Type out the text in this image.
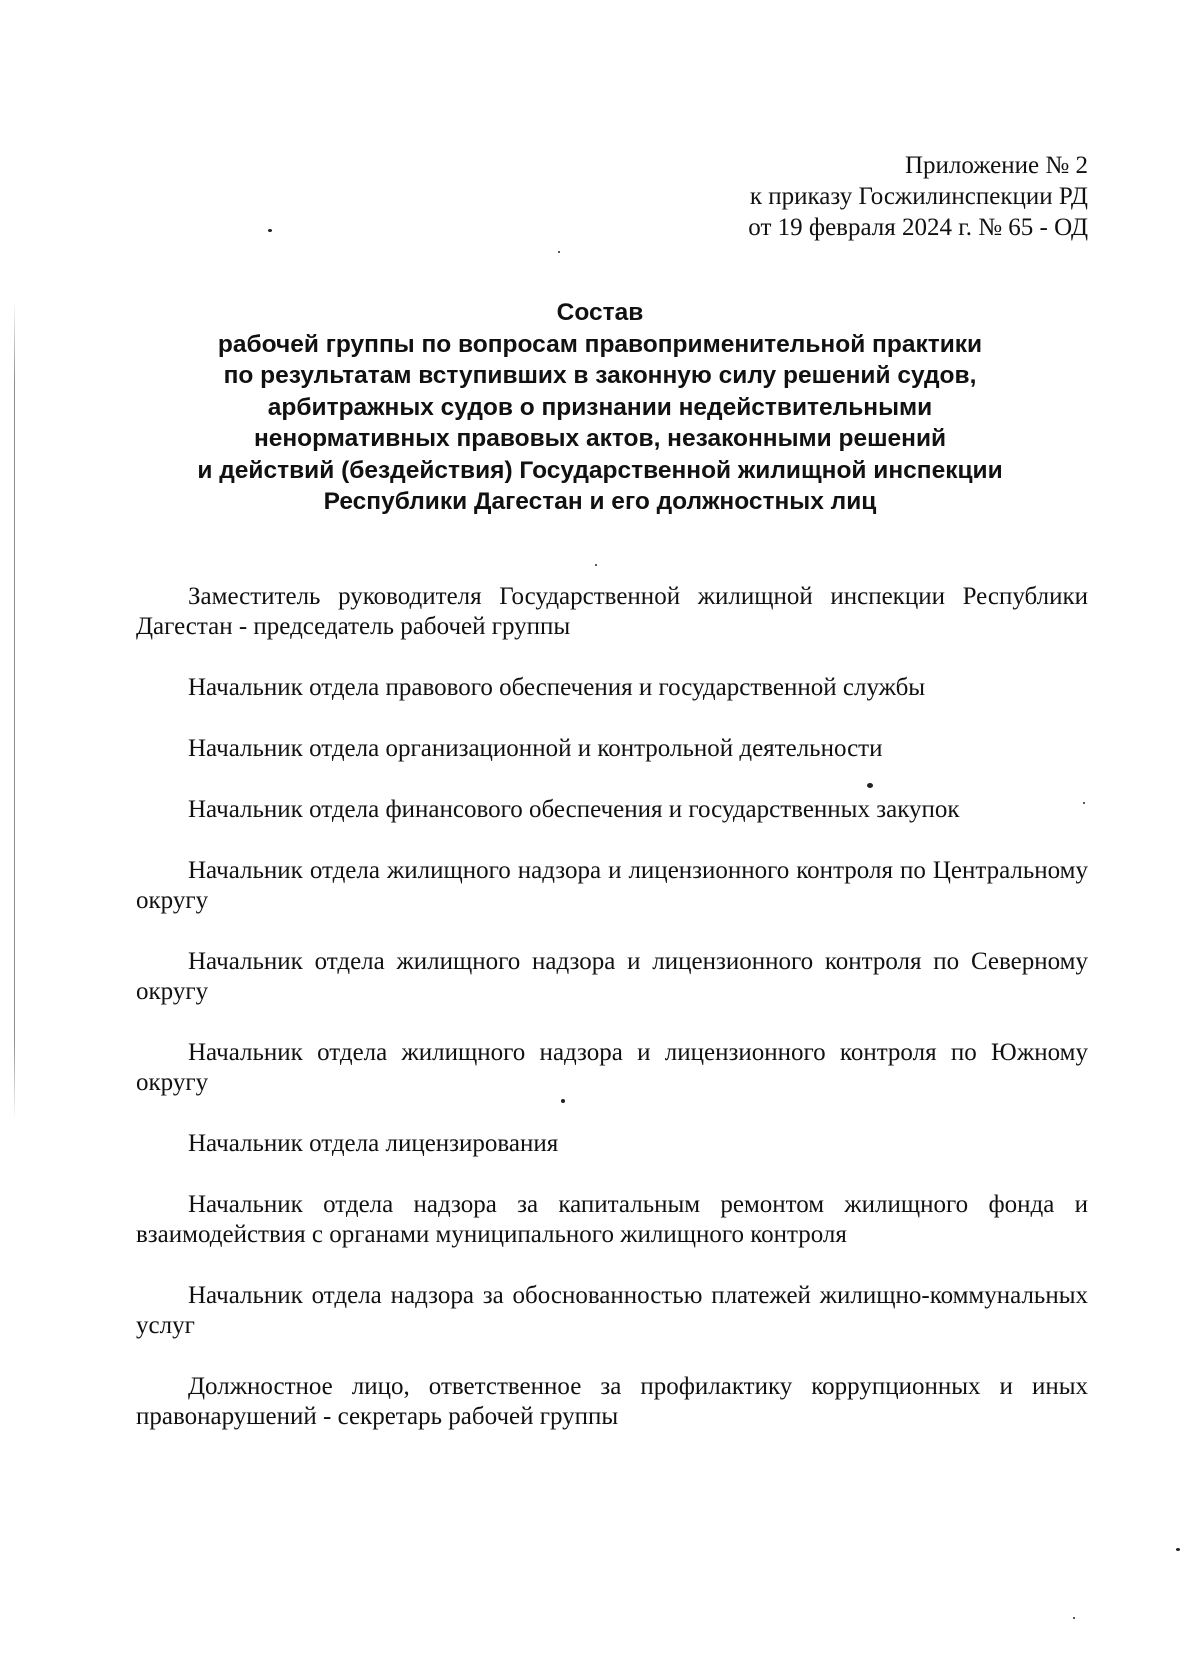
Приложение № 2
к приказу Госжилинспекции РД
от 19 февраля 2024 г. № 65 - ОД
Состав
рабочей группы по вопросам правоприменительной практики
по результатам вступивших в законную силу решений судов,
арбитражных судов о признании недействительными
ненормативных правовых актов, незаконными решений
и действий (бездействия) Государственной жилищной инспекции
Республики Дагестан и его должностных лиц

Заместитель руководителя Государственной жилищной инспекции Республики Дагестан - председатель рабочей группы

Начальник отдела правового обеспечения и государственной службы

Начальник отдела организационной и контрольной деятельности

Начальник отдела финансового обеспечения и государственных закупок

Начальник отдела жилищного надзора и лицензионного контроля по Центральному округу

Начальник отдела жилищного надзора и лицензионного контроля по Северному округу

Начальник отдела жилищного надзора и лицензионного контроля по Южному округу

Начальник отдела лицензирования

Начальник отдела надзора за капитальным ремонтом жилищного фонда и взаимодействия с органами муниципального жилищного контроля

Начальник отдела надзора за обоснованностью платежей жилищно-коммунальных услуг

Должностное лицо, ответственное за профилактику коррупционных и иных правонарушений - секретарь рабочей группы
